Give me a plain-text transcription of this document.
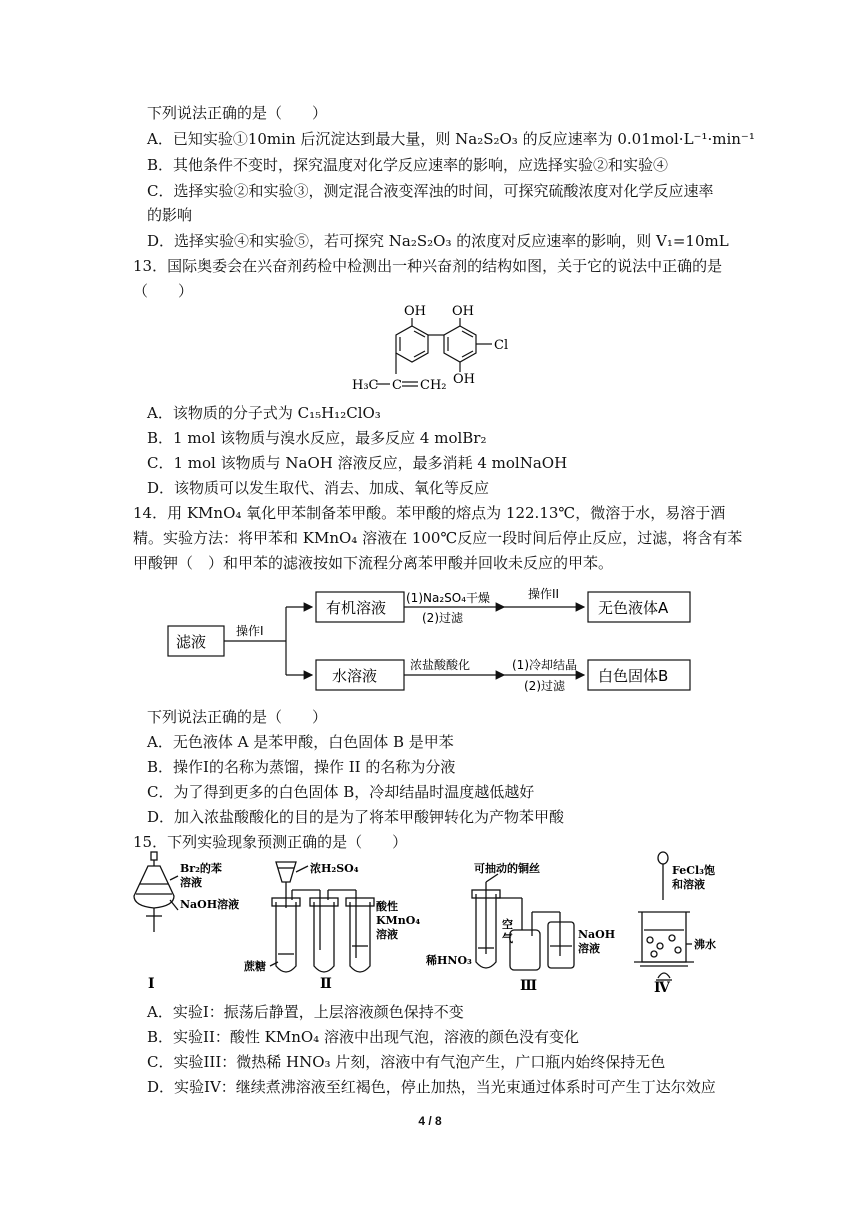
下列说法正确的是（　　）
A．已知实验①10min 后沉淀达到最大量，则 Na₂S₂O₃ 的反应速率为 0.01mol·L⁻¹·min⁻¹
B．其他条件不变时，探究温度对化学反应速率的影响，应选择实验②和实验④
C．选择实验②和实验③，测定混合液变浑浊的时间，可探究硫酸浓度对化学反应速率
的影响
D．选择实验④和实验⑤，若可探究 Na₂S₂O₃ 的浓度对反应速率的影响，则 V₁=10mL
13．国际奥委会在兴奋剂药检中检测出一种兴奋剂的结构如图，关于它的说法中正确的是
（　　）
OH OH
Cl
OH
H₃C C CH₂
A．该物质的分子式为 C₁₅H₁₂ClO₃
B．1 mol 该物质与溴水反应，最多反应 4 molBr₂
C．1 mol 该物质与 NaOH 溶液反应，最多消耗 4 molNaOH
D．该物质可以发生取代、消去、加成、氧化等反应
14．用 KMnO₄ 氧化甲苯制备苯甲酸。苯甲酸的熔点为 122.13℃，微溶于水，易溶于酒
精。实验方法：将甲苯和 KMnO₄ 溶液在 100℃反应一段时间后停止反应，过滤，将含有苯
甲酸钾（　）和甲苯的滤液按如下流程分离苯甲酸并回收未反应的甲苯。
滤液
操作I
有机溶液
(1)Na₂SO₄干燥
(2)过滤
操作II
无色液体A
水溶液
浓盐酸酸化	(1)冷却结晶
(2)过滤
白色固体B
下列说法正确的是（　　）
A．无色液体 A 是苯甲酸，白色固体 B 是甲苯
B．操作I的名称为蒸馏，操作 II 的名称为分液
C．为了得到更多的白色固体 B，冷却结晶时温度越低越好
D．加入浓盐酸酸化的目的是为了将苯甲酸钾转化为产物苯甲酸
15．下列实验现象预测正确的是（　　）
Br₂的苯
溶液
NaOH溶液
Ⅰ
浓H₂SO₄
酸性
KMnO₄
溶液
蔗糖
Ⅱ
可抽动的铜丝
空
气	NaOH
溶液
稀HNO₃
Ⅲ
FeCl₃饱
和溶液
沸水
Ⅳ
A．实验I：振荡后静置，上层溶液颜色保持不变
B．实验II：酸性 KMnO₄ 溶液中出现气泡，溶液的颜色没有变化
C．实验III：微热稀 HNO₃ 片刻，溶液中有气泡产生，广口瓶内始终保持无色
D．实验IV：继续煮沸溶液至红褐色，停止加热，当光束通过体系时可产生丁达尔效应
4 / 8
